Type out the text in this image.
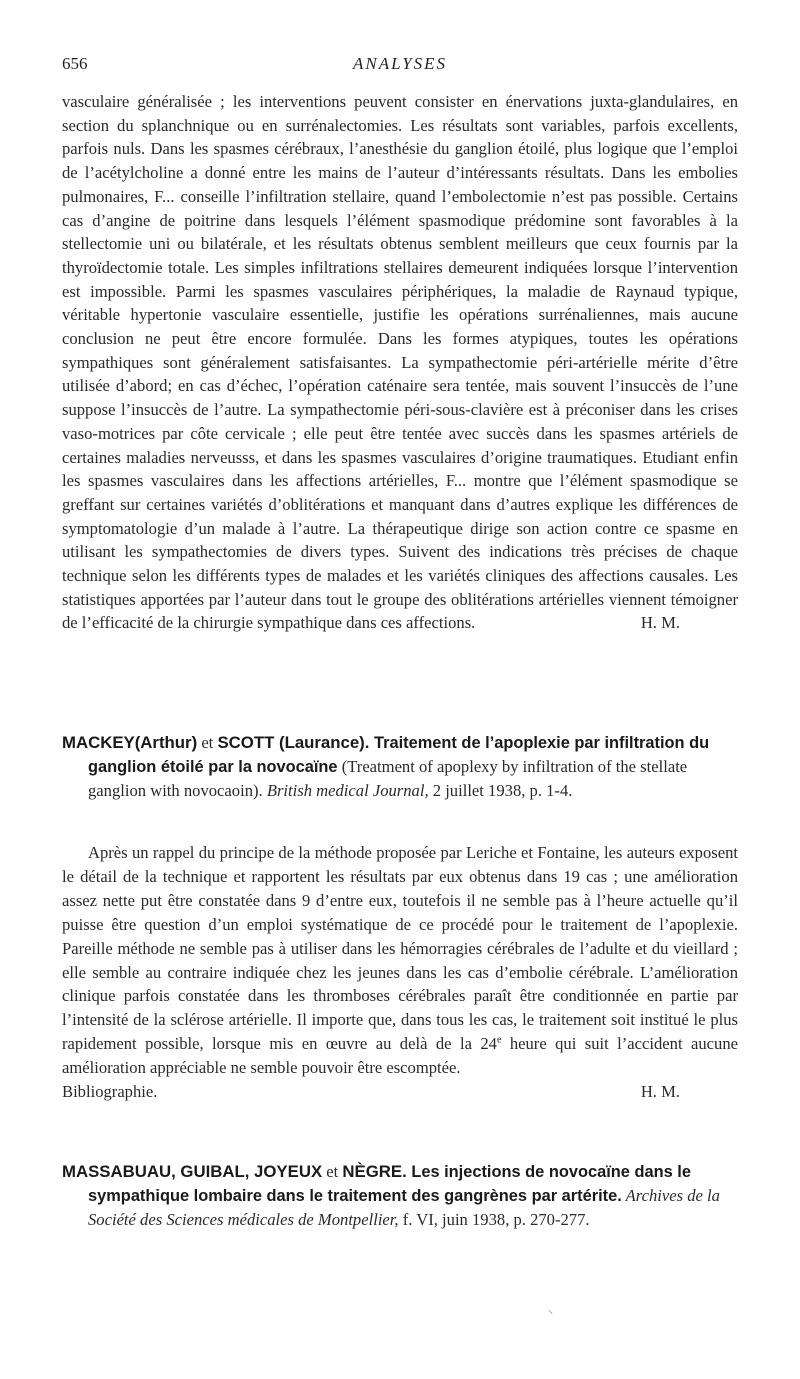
656	ANALYSES

vasculaire généralisée ; les interventions peuvent consister en énervations juxta-glandulaires, en section du splanchnique ou en surrénalectomies. Les résultats sont variables, parfois excellents, parfois nuls. Dans les spasmes cérébraux, l’anesthésie du ganglion étoilé, plus logique que l’emploi de l’acétylcholine a donné entre les mains de l’auteur d’intéressants résultats. Dans les embolies pulmonaires, F... conseille l’infiltration stellaire, quand l’embolectomie n’est pas possible. Certains cas d’angine de poitrine dans lesquels l’élément spasmodique prédomine sont favorables à la stellectomie uni ou bilatérale, et les résultats obtenus semblent meilleurs que ceux fournis par la thyroïdectomie totale. Les simples infiltrations stellaires demeurent indiquées lorsque l’intervention est impossible. Parmi les spasmes vasculaires périphériques, la maladie de Raynaud typique, véritable hypertonie vasculaire essentielle, justifie les opérations surrénaliennes, mais aucune conclusion ne peut être encore formulée. Dans les formes atypiques, toutes les opérations sympathiques sont généralement satisfaisantes. La sympathectomie péri-artérielle mérite d’être utilisée d’abord; en cas d’échec, l’opération caténaire sera tentée, mais souvent l’insuccès de l’une suppose l’insuccès de l’autre. La sympathectomie péri-sous-clavière est à préconiser dans les crises vaso-motrices par côte cervicale ; elle peut être tentée avec succès dans les spasmes artériels de certaines maladies nerveusss, et dans les spasmes vasculaires d’origine traumatiques. Etudiant enfin les spasmes vasculaires dans les affections artérielles, F... montre que l’élément spasmodique se greffant sur certaines variétés d’oblitérations et manquant dans d’autres explique les différences de symptomatologie d’un malade à l’autre. La thérapeutique dirige son action contre ce spasme en utilisant les sympathectomies de divers types. Suivent des indications très précises de chaque technique selon les différents types de malades et les variétés cliniques des affections causales. Les statistiques apportées par l’auteur dans tout le groupe des oblitérations artérielles viennent témoigner de l’efficacité de la chirurgie sympathique dans ces affections.	H. M.

MACKEY(Arthur) et SCOTT (Laurance). Traitement de l’apoplexie par infiltration du ganglion étoilé par la novocaïne (Treatment of apoplexy by infiltration of the stellate ganglion with novocaoin). British medical Journal, 2 juillet 1938, p. 1-4.

Après un rappel du principe de la méthode proposée par Leriche et Fontaine, les auteurs exposent le détail de la technique et rapportent les résultats par eux obtenus dans 19 cas ; une amélioration assez nette put être constatée dans 9 d’entre eux, toutefois il ne semble pas à l’heure actuelle qu’il puisse être question d’un emploi systématique de ce procédé pour le traitement de l’apoplexie. Pareille méthode ne semble pas à utiliser dans les hémorragies cérébrales de l’adulte et du vieillard ; elle semble au contraire indiquée chez les jeunes dans les cas d’embolie cérébrale. L’amélioration clinique parfois constatée dans les thromboses cérébrales paraît être conditionnée en partie par l’intensité de la sclérose artérielle. Il importe que, dans tous les cas, le traitement soit institué le plus rapidement possible, lorsque mis en œuvre au delà de la 24e heure qui suit l’accident aucune amélioration appréciable ne semble pouvoir être escomptée.

Bibliographie.	H. M.

MASSABUAU, GUIBAL, JOYEUX et NÈGRE. Les injections de novocaïne dans le sympathique lombaire dans le traitement des gangrènes par artérite. Archives de la Société des Sciences médicales de Montpellier, f. VI, juin 1938, p. 270-277.

⸜
